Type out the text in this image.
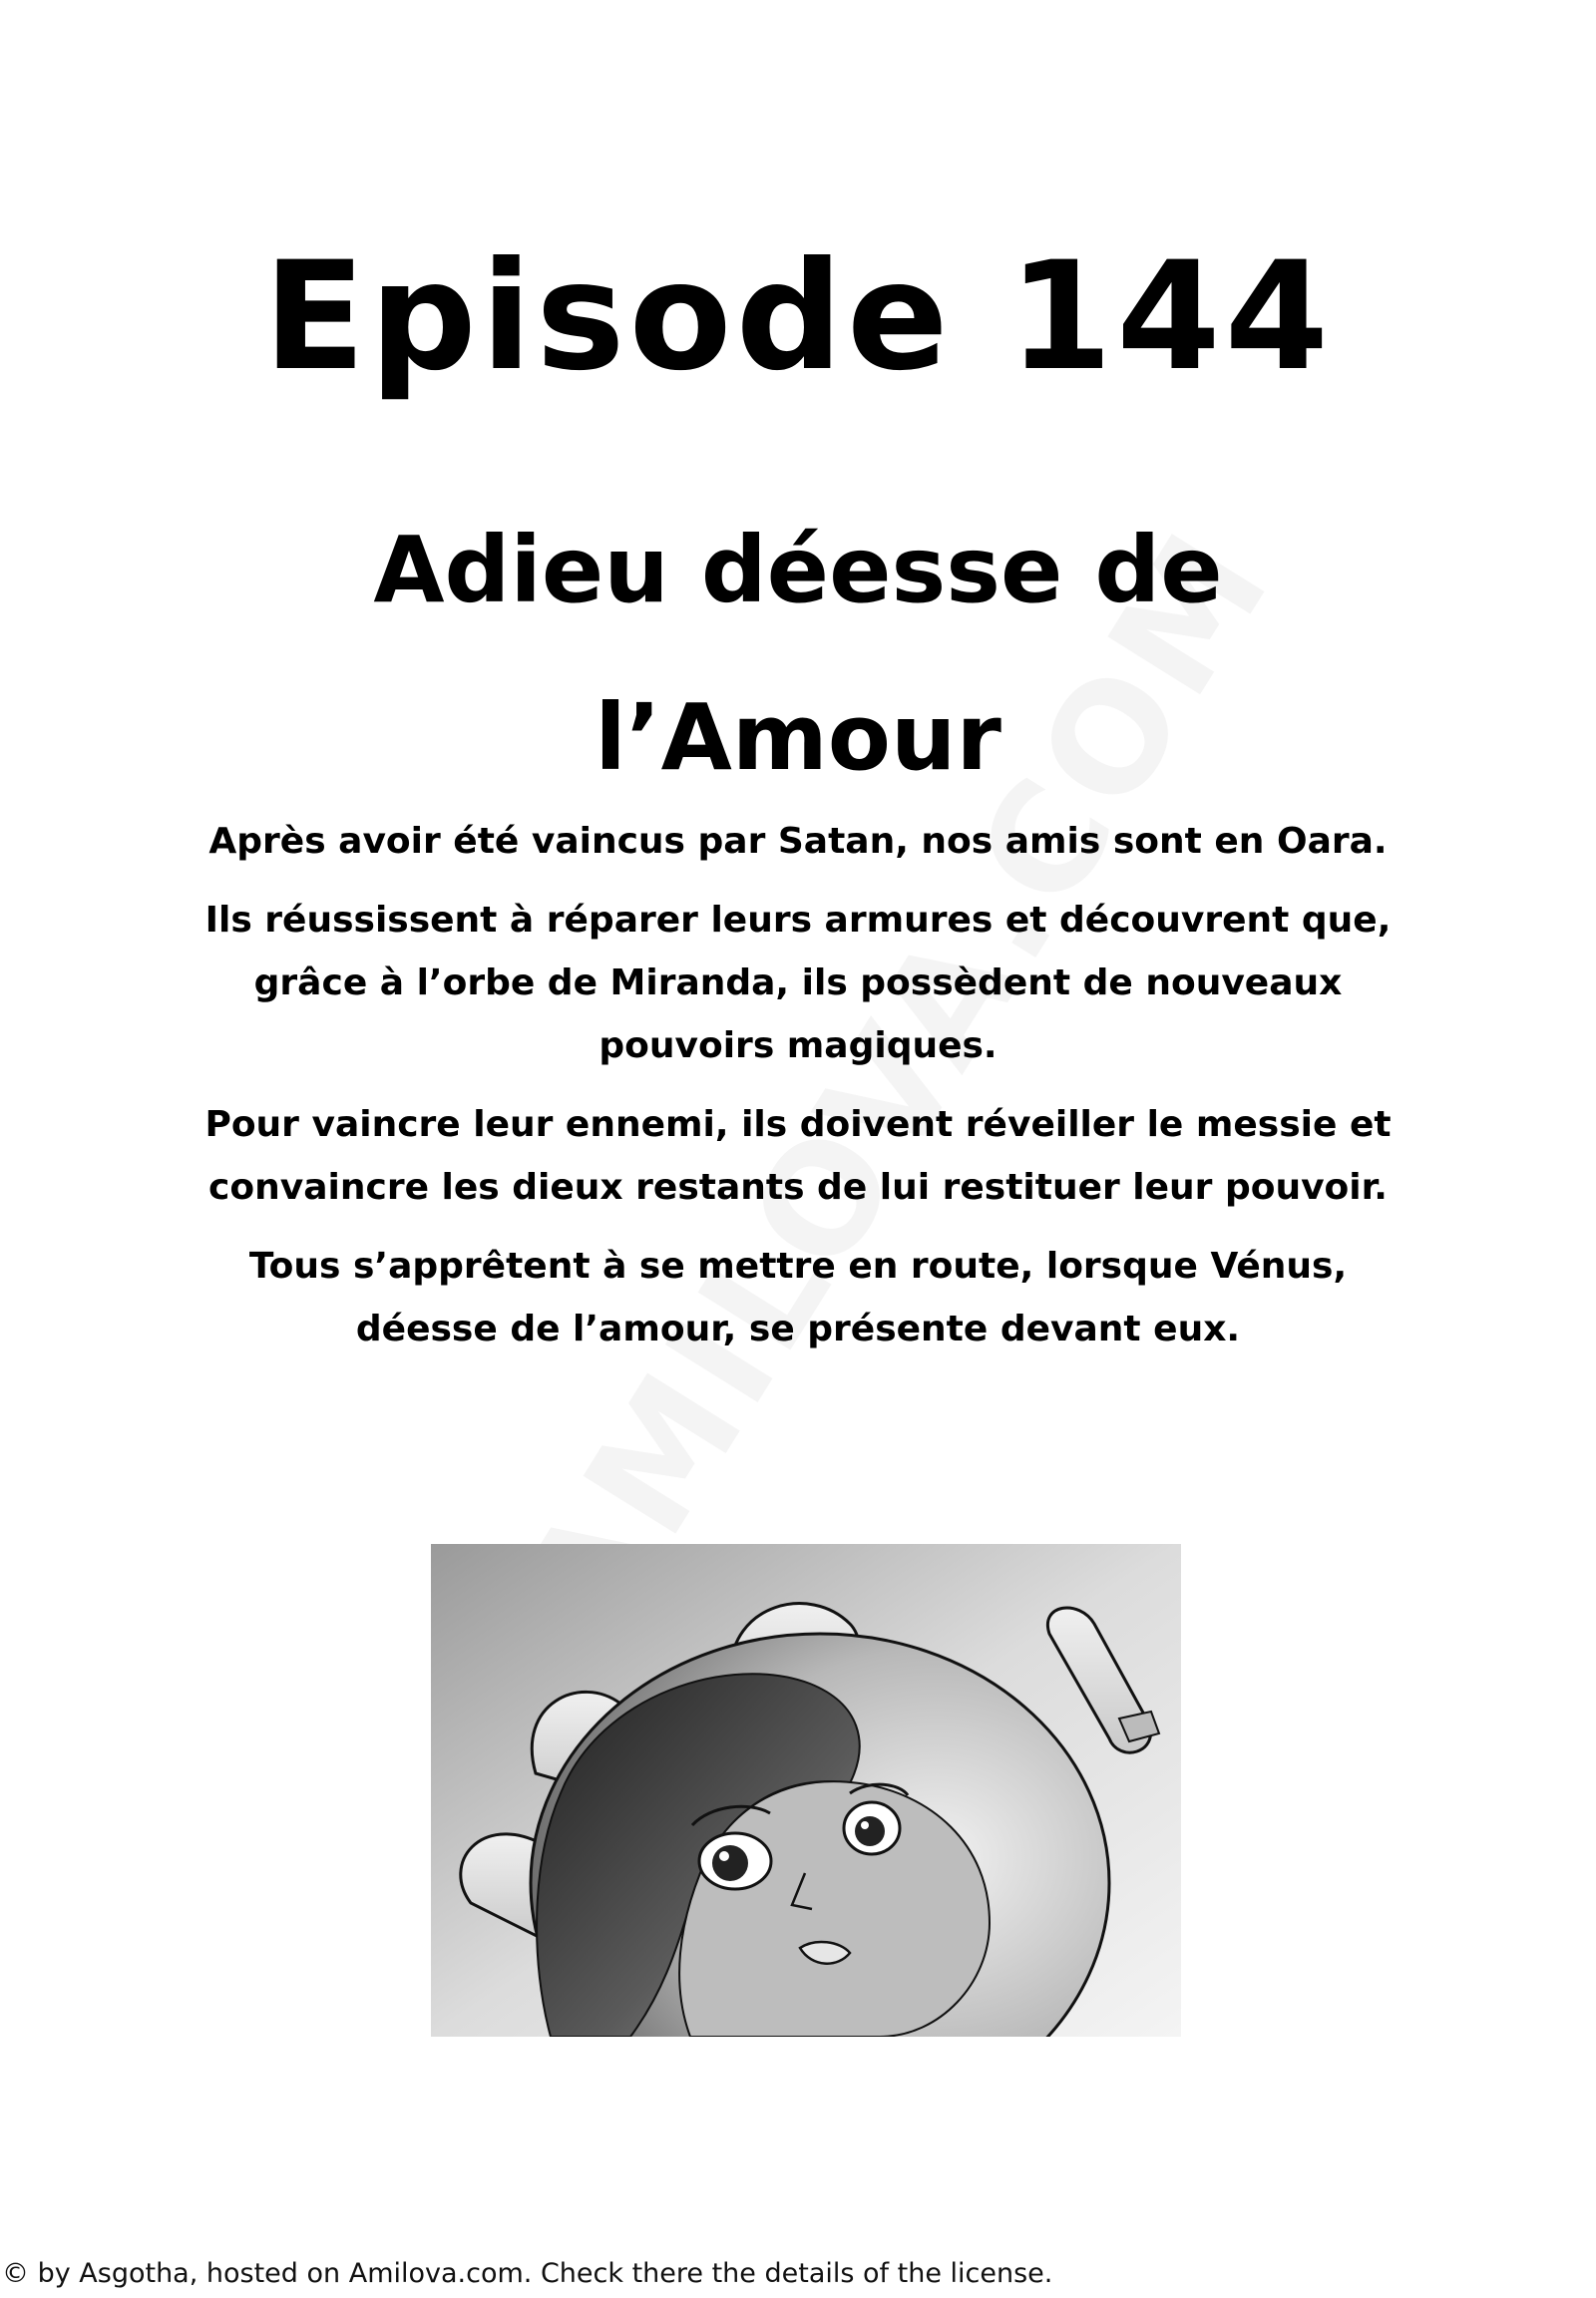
Episode 144
Adieu déesse de l’Amour

Après avoir été vaincus par Satan, nos amis sont en Oara.

Ils réussissent à réparer leurs armures et découvrent que, grâce à l’orbe de Miranda, ils possèdent de nouveaux pouvoirs magiques.

Pour vaincre leur ennemi, ils doivent réveiller le messie et convaincre les dieux restants de lui restituer leur pouvoir.

Tous s’apprêtent à se mettre en route, lorsque Vénus, déesse de l’amour, se présente devant eux.

© by Asgotha, hosted on Amilova.com. Check there the details of the license.
